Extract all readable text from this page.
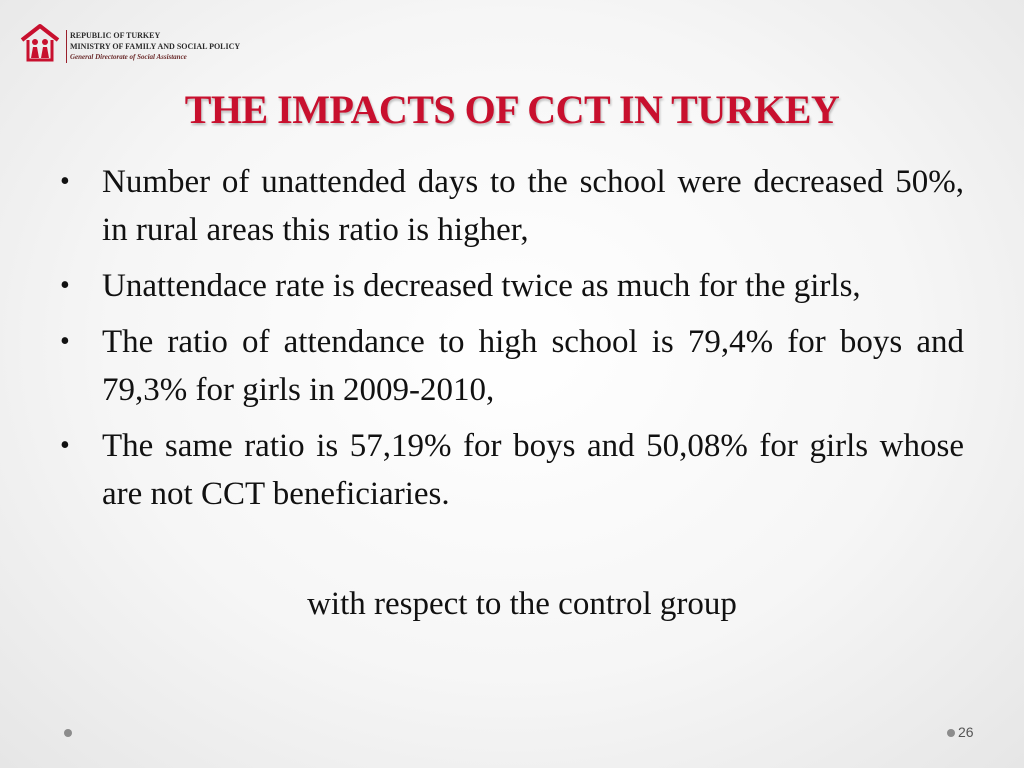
REPUBLIC OF TURKEY
MINISTRY OF FAMILY AND SOCIAL POLICY
General Directorate of Social Assistance
THE IMPACTS OF CCT IN TURKEY
• Number of unattended days to the school were decreased 50%, in rural areas this ratio is higher,
• Unattendace rate is decreased twice as much for the girls,
• The ratio of attendance to high school is 79,4% for boys and 79,3% for girls in 2009-2010,
• The same ratio is 57,19% for boys and 50,08% for girls whose are not CCT beneficiaries.
with respect to the control group
26
